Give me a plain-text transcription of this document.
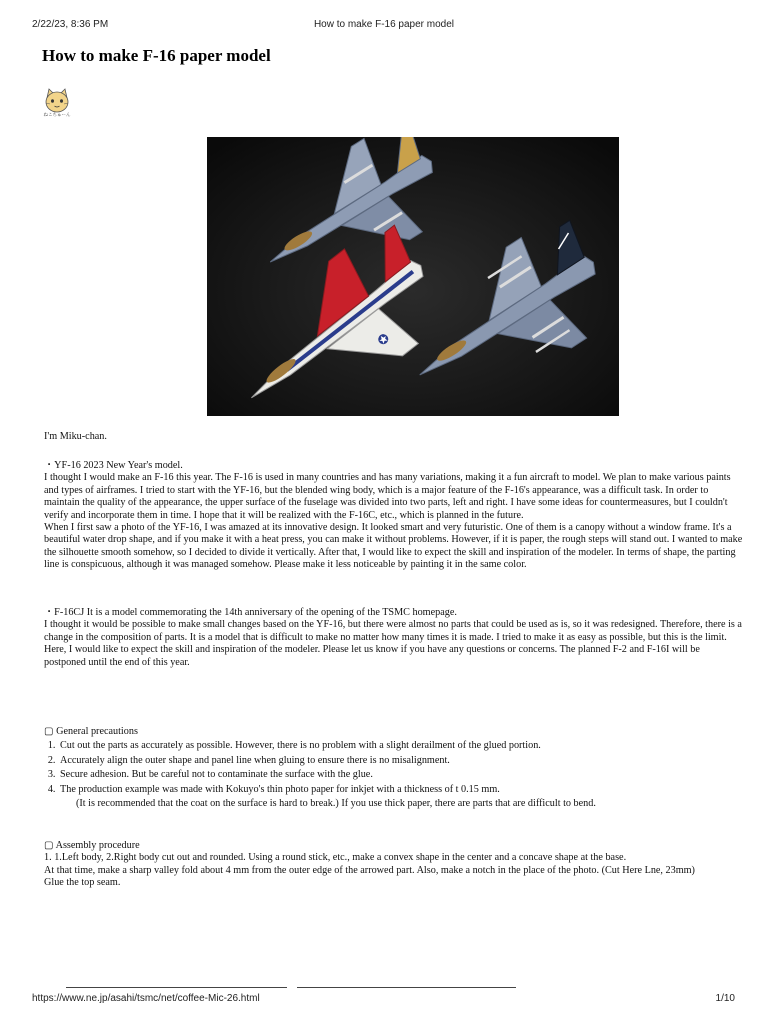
2/22/23, 8:36 PM	How to make F-16 paper model
How to make F-16 paper model
ねこちゅーん

I'm Miku-chan.

・YF-16 2023 New Year's model.

I thought I would make an F-16 this year. The F-16 is used in many countries and has many variations, making it a fun aircraft to model. We plan to make various paints and types of airframes. I tried to start with the YF-16, but the blended wing body, which is a major feature of the F-16's appearance, was a difficult task. In order to maintain the quality of the appearance, the upper surface of the fuselage was divided into two parts, left and right. I have some ideas for countermeasures, but I couldn't verify and incorporate them in time. I hope that it will be realized with the F-16C, etc., which is planned in the future.

When I first saw a photo of the YF-16, I was amazed at its innovative design. It looked smart and very futuristic. One of them is a canopy without a window frame. It's a beautiful water drop shape, and if you make it with a heat press, you can make it without problems. However, if it is paper, the rough steps will stand out. I wanted to make the silhouette smooth somehow, so I decided to divide it vertically. After that, I would like to expect the skill and inspiration of the modeler. In terms of shape, the parting line is conspicuous, although it was managed somehow. Please make it less noticeable by painting it in the same color.

・F-16CJ It is a model commemorating the 14th anniversary of the opening of the TSMC homepage.

I thought it would be possible to make small changes based on the YF-16, but there were almost no parts that could be used as is, so it was redesigned. Therefore, there is a change in the composition of parts. It is a model that is difficult to make no matter how many times it is made. I tried to make it as easy as possible, but this is the limit. Here, I would like to expect the skill and inspiration of the modeler. Please let us know if you have any questions or concerns. The planned F-2 and F-16I will be postponed until the end of this year.

▢ General precautions

1. Cut out the parts as accurately as possible. However, there is no problem with a slight derailment of the glued portion.
2. Accurately align the outer shape and panel line when gluing to ensure there is no misalignment.
3. Secure adhesion. But be careful not to contaminate the surface with the glue.
4. The production example was made with Kokuyo's thin photo paper for inkjet with a thickness of t 0.15 mm.

(It is recommended that the coat on the surface is hard to break.) If you use thick paper, there are parts that are difficult to bend.

▢ Assembly procedure

1. 1.Left body, 2.Right body cut out and rounded. Using a round stick, etc., make a convex shape in the center and a concave shape at the base.

At that time, make a sharp valley fold about 4 mm from the outer edge of the arrowed part. Also, make a notch in the place of the photo. (Cut Here Lne, 23mm)

Glue the top seam.

https://www.ne.jp/asahi/tsmc/net/coffee-Mic-26.html	1/10
